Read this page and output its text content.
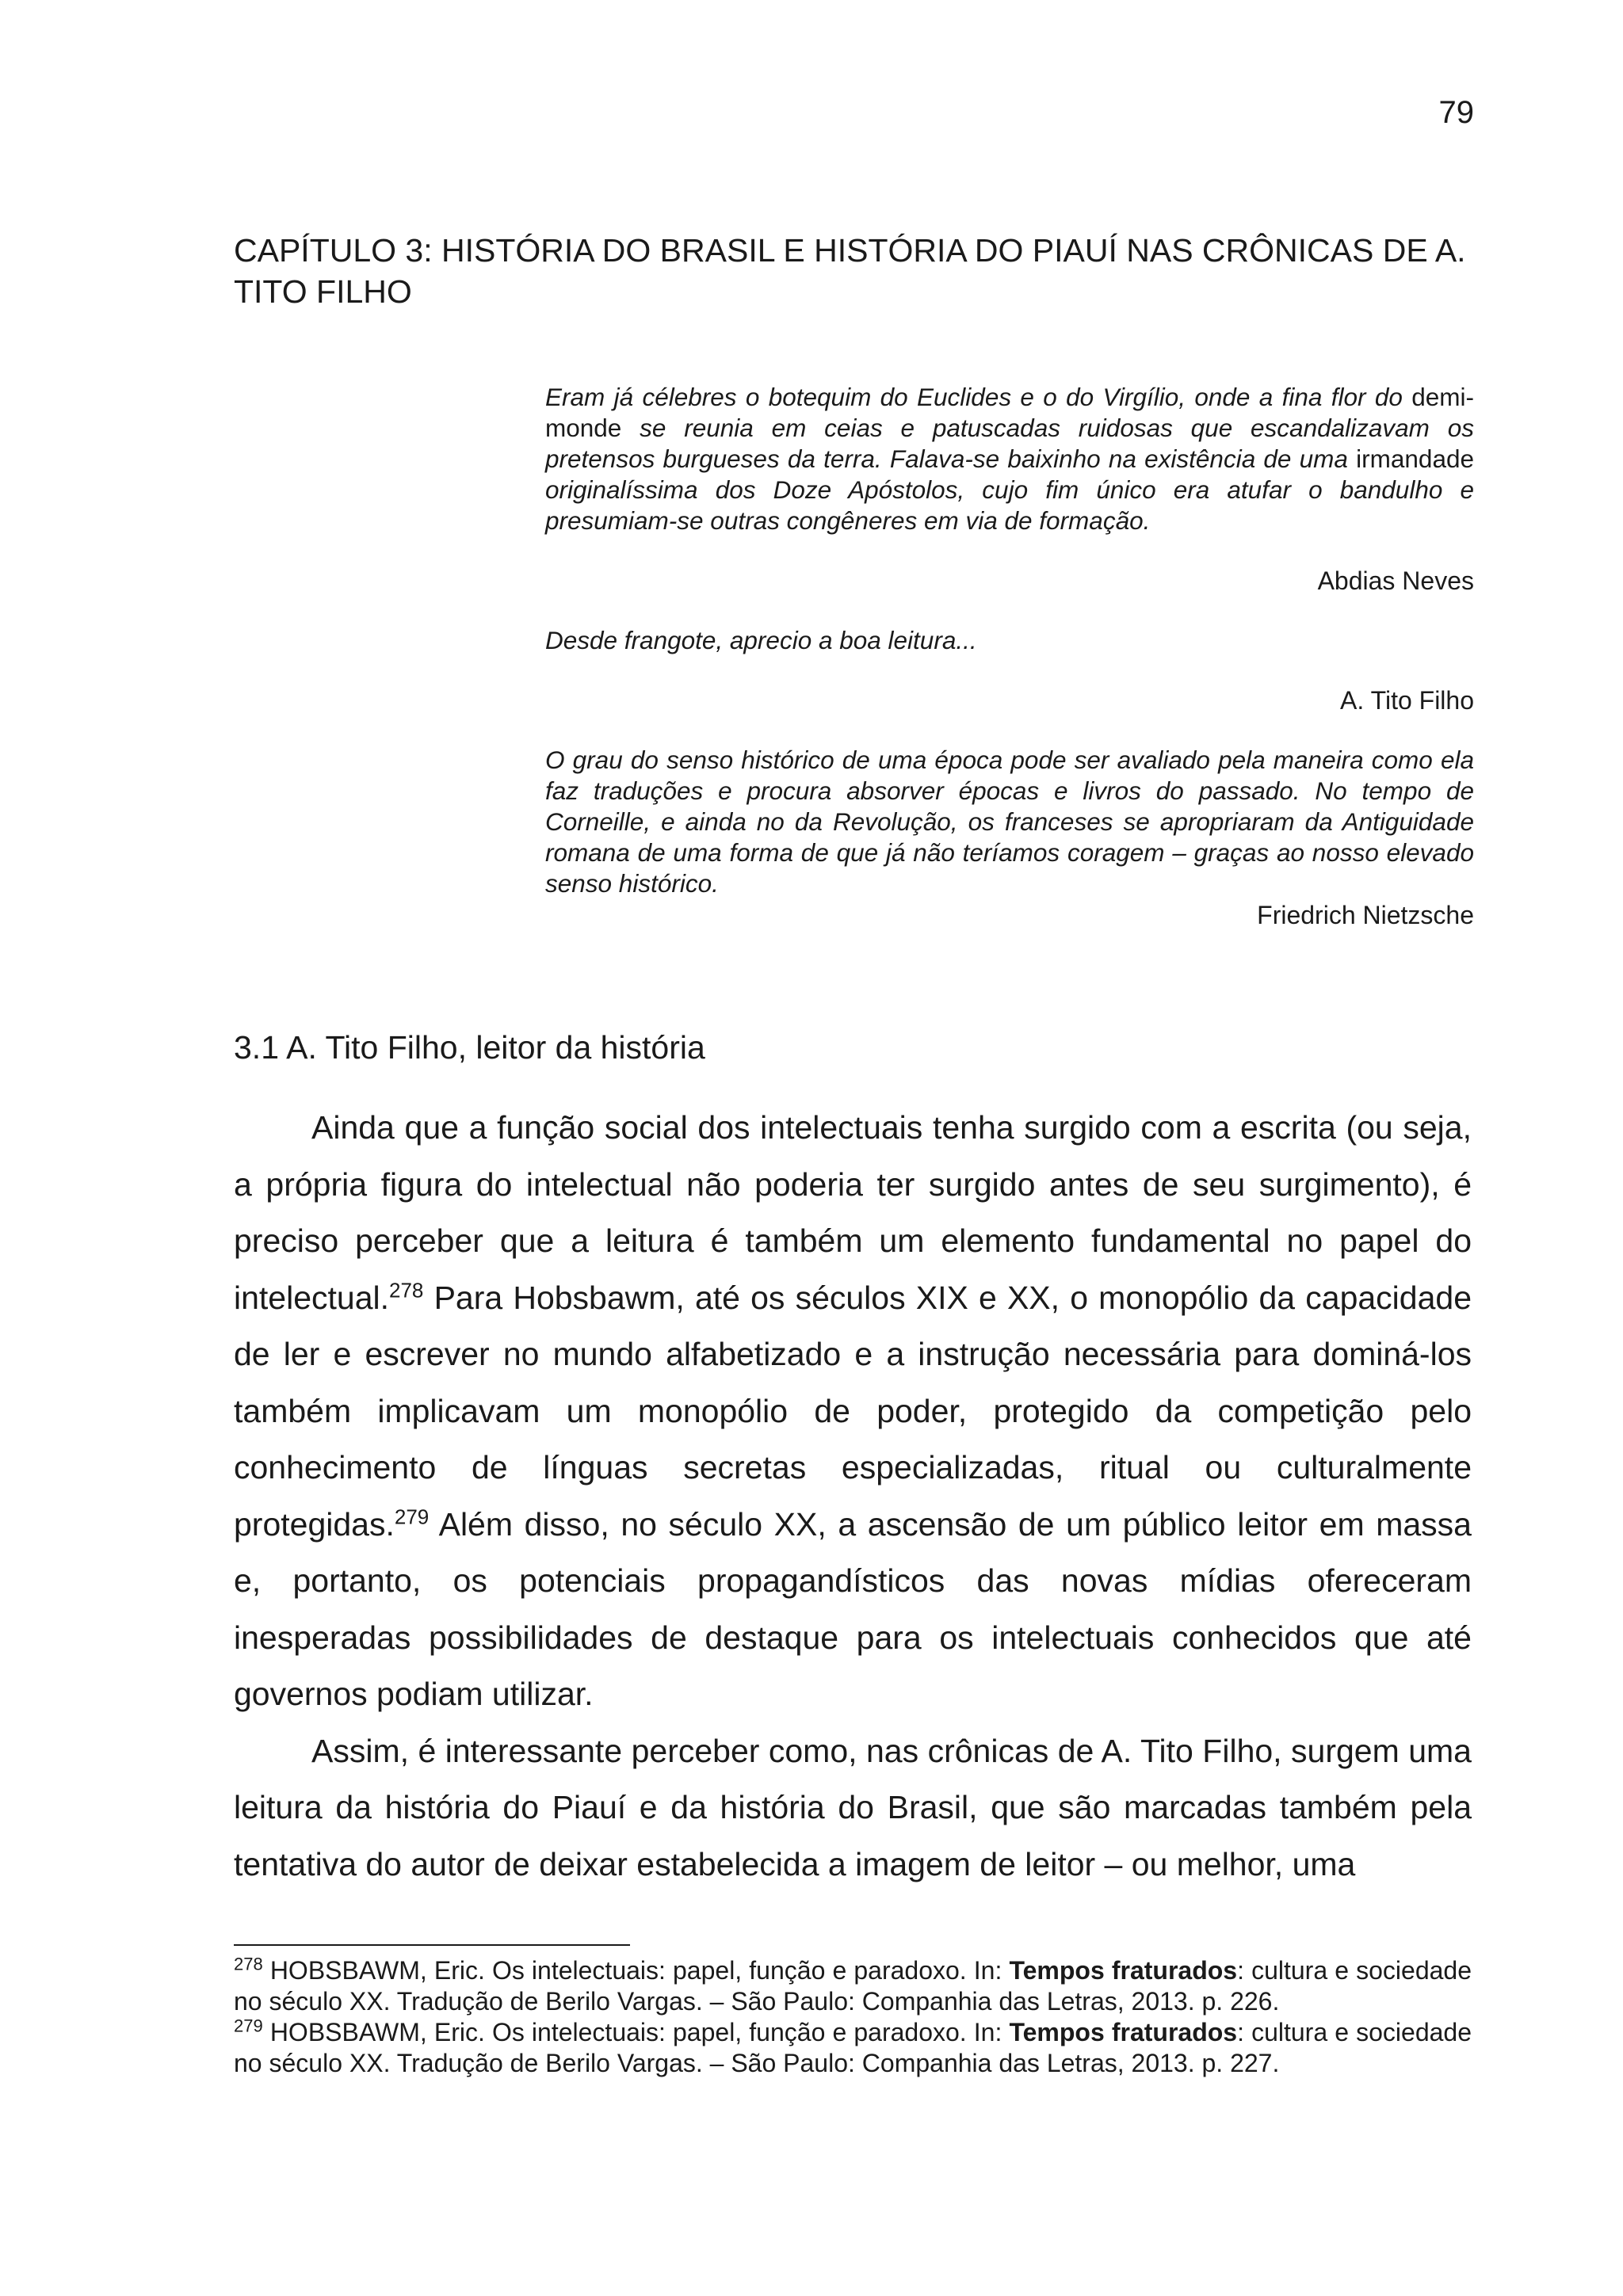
79
CAPÍTULO 3: HISTÓRIA DO BRASIL E HISTÓRIA DO PIAUÍ NAS CRÔNICAS DE A. TITO FILHO

Eram já célebres o botequim do Euclides e o do Virgílio, onde a fina flor do demi-monde se reunia em ceias e patuscadas ruidosas que escandalizavam os pretensos burgueses da terra. Falava-se baixinho na existência de uma irmandade originalíssima dos Doze Apóstolos, cujo fim único era atufar o bandulho e presumiam-se outras congêneres em via de formação.

Abdias Neves

Desde frangote, aprecio a boa leitura...

A. Tito Filho

O grau do senso histórico de uma época pode ser avaliado pela maneira como ela faz traduções e procura absorver épocas e livros do passado. No tempo de Corneille, e ainda no da Revolução, os franceses se apropriaram da Antiguidade romana de uma forma de que já não teríamos coragem – graças ao nosso elevado senso histórico.

Friedrich Nietzsche

3.1 A. Tito Filho, leitor da história

Ainda que a função social dos intelectuais tenha surgido com a escrita (ou seja, a própria figura do intelectual não poderia ter surgido antes de seu surgimento), é preciso perceber que a leitura é também um elemento fundamental no papel do intelectual.$^{278}$ Para Hobsbawm, até os séculos XIX e XX, o monopólio da capacidade de ler e escrever no mundo alfabetizado e a instrução necessária para dominá-los também implicavam um monopólio de poder, protegido da competição pelo conhecimento de línguas secretas especializadas, ritual ou culturalmente protegidas.$^{279}$ Além disso, no século XX, a ascensão de um público leitor em massa e, portanto, os potenciais propagandísticos das novas mídias ofereceram inesperadas possibilidades de destaque para os intelectuais conhecidos que até governos podiam utilizar.

Assim, é interessante perceber como, nas crônicas de A. Tito Filho, surgem uma leitura da história do Piauí e da história do Brasil, que são marcadas também pela tentativa do autor de deixar estabelecida a imagem de leitor – ou melhor, uma

$^{278}$ HOBSBAWM, Eric. Os intelectuais: papel, função e paradoxo. In: Tempos fraturados: cultura e sociedade no século XX. Tradução de Berilo Vargas. – São Paulo: Companhia das Letras, 2013. p. 226.

$^{279}$ HOBSBAWM, Eric. Os intelectuais: papel, função e paradoxo. In: Tempos fraturados: cultura e sociedade no século XX. Tradução de Berilo Vargas. – São Paulo: Companhia das Letras, 2013. p. 227.
